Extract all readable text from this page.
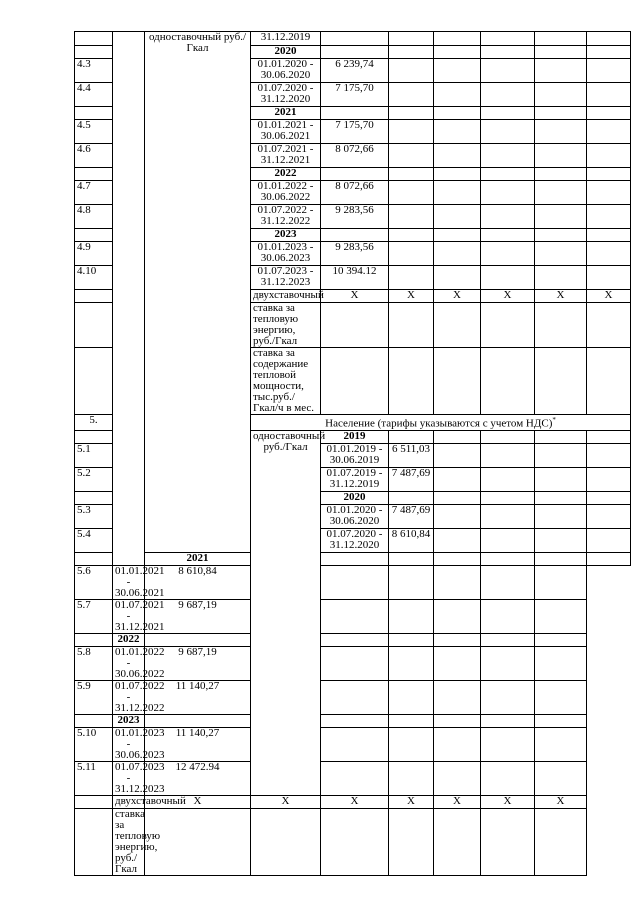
		одноставочный руб./Гкал	31.12.2019							
			2020							
4.3			01.01.2020 - 30.06.2020	6 239,74						
4.4			01.07.2020 - 31.12.2020	7 175,70						
			2021							
4.5			01.01.2021 - 30.06.2021	7 175,70						
4.6			01.07.2021 - 31.12.2021	8 072,66						
			2022							
4.7			01.01.2022 - 30.06.2022	8 072,66						
4.8			01.07.2022 - 31.12.2022	9 283,56						
			2023							
4.9			01.01.2023 - 30.06.2023	9 283,56						
4.10			01.07.2023 - 31.12.2023	10 394.12						
			двухставочный	Х	Х	Х	Х	Х	Х	
			ставка за тепловую энергию, руб./Гкал							
			ставка за содержание тепловой мощности, тыс.руб./Гкал/ч в мес.							
5.			Население (тарифы указываются с учетом НДС)*
			одноставочный руб./Гкал	2019						
5.1				01.01.2019 - 30.06.2019	6 511,03					
5.2				01.07.2019 - 31.12.2019	7 487,69					
				2020						
5.3				01.01.2020 - 30.06.2020	7 487,69					
5.4				01.07.2020 - 31.12.2020	8 610,84					
		2021								
5.6	01.01.2021 - 30.06.2021	8 610,84								
5.7	01.07.2021 - 31.12.2021	9 687,19								
	2022									
5.8	01.01.2022 - 30.06.2022	9 687,19								
5.9	01.07.2022 - 31.12.2022	11 140,27								
	2023									
5.10	01.01.2023 - 30.06.2023	11 140,27								
5.11	01.07.2023 - 31.12.2023	12 472.94								
	двухставочный	Х	Х	Х	Х	Х	Х	Х		
	ставка за тепловую энергию, руб./Гкал									
